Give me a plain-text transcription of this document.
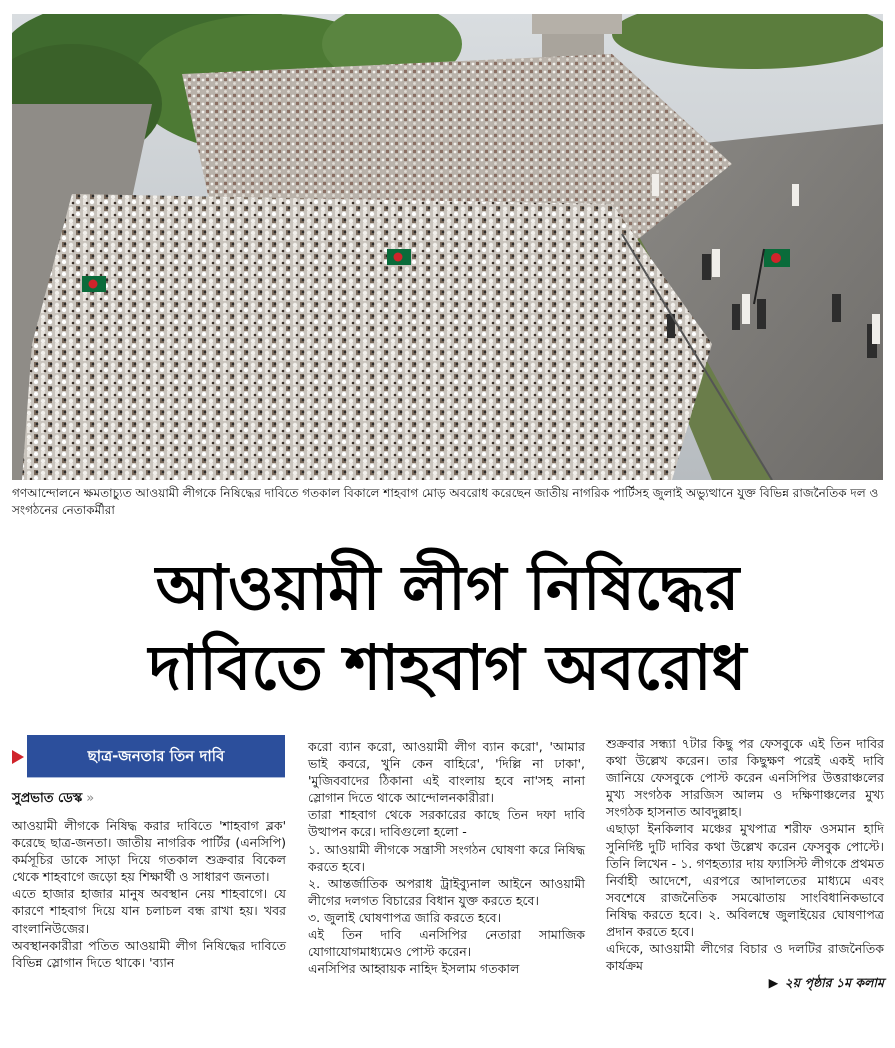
গণআন্দোলনে ক্ষমতাচ্যুত আওয়ামী লীগকে নিষিদ্ধের দাবিতে গতকাল বিকালে শাহবাগ মোড় অবরোধ করেছেন জাতীয় নাগরিক পার্টিসহ জুলাই অভ্যুত্থানে যুক্ত বিভিন্ন রাজনৈতিক দল ও সংগঠনের নেতাকর্মীরা
আওয়ামী লীগ নিষিদ্ধের
দাবিতে শাহবাগ অবরোধ
ছাত্র-জনতার তিন দাবি
সুপ্রভাত ডেস্ক »

আওয়ামী লীগকে নিষিদ্ধ করার দাবিতে 'শাহবাগ ব্লক' করেছে ছাত্র-জনতা। জাতীয় নাগরিক পার্টির (এনসিপি) কর্মসূচির ডাকে সাড়া দিয়ে গতকাল শুক্রবার বিকেল থেকে শাহবাগে জড়ো হয় শিক্ষার্থী ও সাধারণ জনতা।

এতে হাজার হাজার মানুষ অবস্থান নেয় শাহবাগে। যে কারণে শাহবাগ দিয়ে যান চলাচল বন্ধ রাখা হয়। খবর বাংলানিউজের।

অবস্থানকারীরা পতিত আওয়ামী লীগ নিষিদ্ধের দাবিতে বিভিন্ন স্লোগান দিতে থাকে। 'ব্যান

করো ব্যান করো, আওয়ামী লীগ ব্যান করো', 'আমার ভাই কবরে, খুনি কেন বাহিরে', 'দিল্লি না ঢাকা', 'মুজিববাদের ঠিকানা এই বাংলায় হবে না'সহ নানা স্লোগান দিতে থাকে আন্দোলনকারীরা।

তারা শাহবাগ থেকে সরকারের কাছে তিন দফা দাবি উত্থাপন করে। দাবিগুলো হলো -

১. আওয়ামী লীগকে সন্ত্রাসী সংগঠন ঘোষণা করে নিষিদ্ধ করতে হবে।

২. আন্তর্জাতিক অপরাধ ট্রাইব্যুনাল আইনে আওয়ামী লীগের দলগত বিচারের বিধান যুক্ত করতে হবে।

৩. জুলাই ঘোষণাপত্র জারি করতে হবে।

এই তিন দাবি এনসিপির নেতারা সামাজিক যোগাযোগমাধ্যমেও পোস্ট করেন।

এনসিপির আহ্বায়ক নাহিদ ইসলাম গতকাল

শুক্রবার সন্ধ্যা ৭টার কিছু পর ফেসবুকে এই তিন দাবির কথা উল্লেখ করেন। তার কিছুক্ষণ পরেই একই দাবি জানিয়ে ফেসবুকে পোস্ট করেন এনসিপির উত্তরাঞ্চলের মুখ্য সংগঠক সারজিস আলম ও দক্ষিণাঞ্চলের মুখ্য সংগঠক হাসনাত আবদুল্লাহ।

এছাড়া ইনকিলাব মঞ্চের মুখপাত্র শরীফ ওসমান হাদি সুনির্দিষ্ট দুটি দাবির কথা উল্লেখ করেন ফেসবুক পোস্টে। তিনি লিখেন - ১. গণহত্যার দায় ফ্যাসিস্ট লীগকে প্রথমত নির্বাহী আদেশে, এরপরে আদালতের মাধ্যমে এবং সবশেষে রাজনৈতিক সমঝোতায় সাংবিধানিকভাবে নিষিদ্ধ করতে হবে। ২. অবিলম্বে জুলাইয়ের ঘোষণাপত্র প্রদান করতে হবে।

এদিকে, আওয়ামী লীগের বিচার ও দলটির রাজনৈতিক কার্যক্রম

▶ ২য় পৃষ্ঠার ১ম কলাম
